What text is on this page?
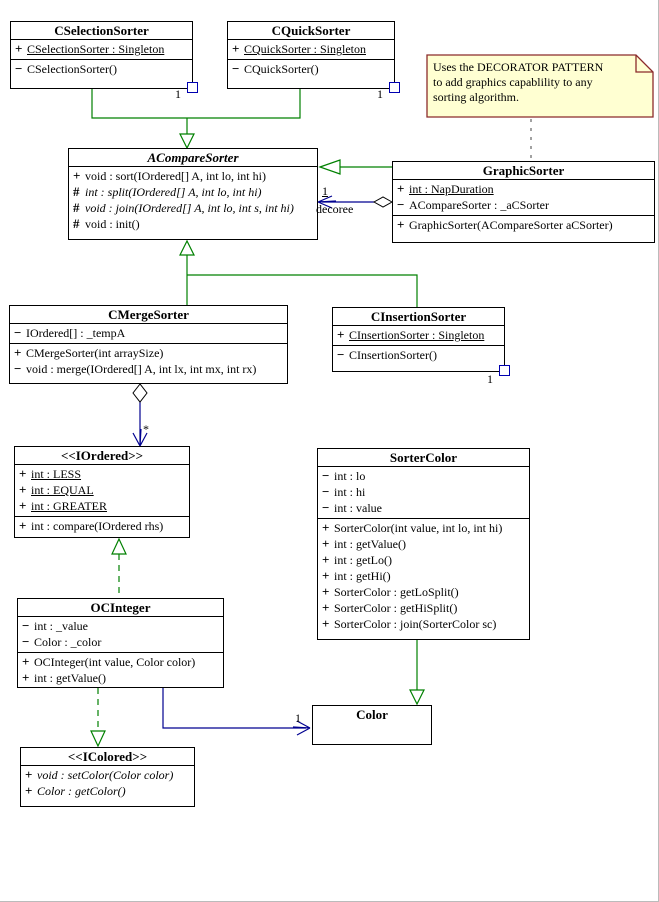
Uses the DECORATOR PATTERN
to add graphics capablility to any
sorting algorithm.
CSelectionSorter
+ CSelectionSorter : Singleton
− CSelectionSorter()
CQuickSorter
+ CQuickSorter : Singleton
− CQuickSorter()
ACompareSorter
+ void : sort(IOrdered[] A, int lo, int hi)
# int : split(IOrdered[] A, int lo, int hi)
# void : join(IOrdered[] A, int lo, int s, int hi)
# void : init()
GraphicSorter
+ int : NapDuration
− ACompareSorter : _aCSorter
+ GraphicSorter(ACompareSorter aCSorter)
CMergeSorter
− IOrdered[] : _tempA
+ CMergeSorter(int arraySize)
− void : merge(IOrdered[] A, int lx, int mx, int rx)
CInsertionSorter
+ CInsertionSorter : Singleton
− CInsertionSorter()
<<IOrdered>>
+ int : LESS
+ int : EQUAL
+ int : GREATER
+ int : compare(IOrdered rhs)
SorterColor
− int : lo
− int : hi
− int : value
+ SorterColor(int value, int lo, int hi)
+ int : getValue()
+ int : getLo()
+ int : getHi()
+ SorterColor : getLoSplit()
+ SorterColor : getHiSplit()
+ SorterColor : join(SorterColor sc)
OCInteger
− int : _value
− Color : _color
+ OCInteger(int value, Color color)
+ int : getValue()
<<IColored>>
+ void : setColor(Color color)
+ Color : getColor()
Color
1	1
1
1
decoree
*
1
